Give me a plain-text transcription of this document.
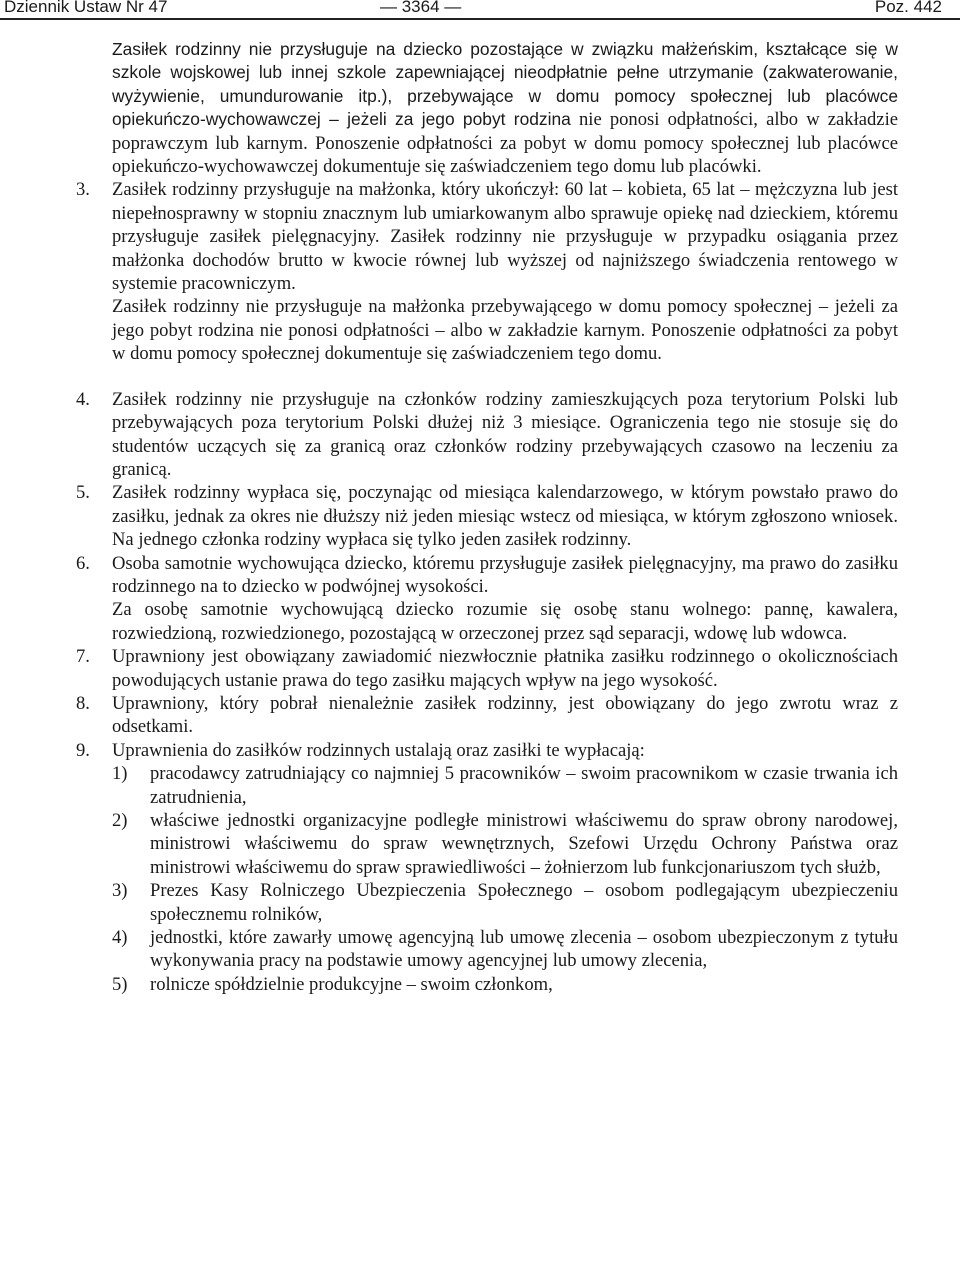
Dziennik Ustaw Nr 47	— 3364 —	Poz. 442

Zasiłek rodzinny nie przysługuje na dziecko pozostające w związku małżeńskim, kształcące się w szkole wojskowej lub innej szkole zapewniającej nieodpłatnie pełne utrzymanie (zakwaterowanie, wyżywienie, umundurowanie itp.), przebywające w domu pomocy społecznej lub placówce opiekuńczo-wychowawczej – jeżeli za jego pobyt rodzina nie ponosi odpłatności, albo w zakładzie poprawczym lub karnym. Ponoszenie odpłatności za pobyt w domu pomocy społecznej lub placówce opiekuńczo-wychowawczej dokumentuje się zaświadczeniem tego domu lub placówki.

3. Zasiłek rodzinny przysługuje na małżonka, który ukończył: 60 lat – kobieta, 65 lat – mężczyzna lub jest niepełnosprawny w stopniu znacznym lub umiarkowanym albo sprawuje opiekę nad dzieckiem, któremu przysługuje zasiłek pielęgnacyjny. Zasiłek rodzinny nie przysługuje w przypadku osiągania przez małżonka dochodów brutto w kwocie równej lub wyższej od najniższego świadczenia rentowego w systemie pracowniczym.

Zasiłek rodzinny nie przysługuje na małżonka przebywającego w domu pomocy społecznej – jeżeli za jego pobyt rodzina nie ponosi odpłatności – albo w zakładzie karnym. Ponoszenie odpłatności za pobyt w domu pomocy społecznej dokumentuje się zaświadczeniem tego domu.

4. Zasiłek rodzinny nie przysługuje na członków rodziny zamieszkujących poza terytorium Polski lub przebywających poza terytorium Polski dłużej niż 3 miesiące. Ograniczenia tego nie stosuje się do studentów uczących się za granicą oraz członków rodziny przebywających czasowo na leczeniu za granicą.

5. Zasiłek rodzinny wypłaca się, poczynając od miesiąca kalendarzowego, w którym powstało prawo do zasiłku, jednak za okres nie dłuższy niż jeden miesiąc wstecz od miesiąca, w którym zgłoszono wniosek. Na jednego członka rodziny wypłaca się tylko jeden zasiłek rodzinny.

6. Osoba samotnie wychowująca dziecko, któremu przysługuje zasiłek pielęgnacyjny, ma prawo do zasiłku rodzinnego na to dziecko w podwójnej wysokości.

Za osobę samotnie wychowującą dziecko rozumie się osobę stanu wolnego: pannę, kawalera, rozwiedzioną, rozwiedzionego, pozostającą w orzeczonej przez sąd separacji, wdowę lub wdowca.

7. Uprawniony jest obowiązany zawiadomić niezwłocznie płatnika zasiłku rodzinnego o okolicznościach powodujących ustanie prawa do tego zasiłku mających wpływ na jego wysokość.

8. Uprawniony, który pobrał nienależnie zasiłek rodzinny, jest obowiązany do jego zwrotu wraz z odsetkami.

9. Uprawnienia do zasiłków rodzinnych ustalają oraz zasiłki te wypłacają:

1) pracodawcy zatrudniający co najmniej 5 pracowników – swoim pracownikom w czasie trwania ich zatrudnienia,

2) właściwe jednostki organizacyjne podległe ministrowi właściwemu do spraw obrony narodowej, ministrowi właściwemu do spraw wewnętrznych, Szefowi Urzędu Ochrony Państwa oraz ministrowi właściwemu do spraw sprawiedliwości – żołnierzom lub funkcjonariuszom tych służb,

3) Prezes Kasy Rolniczego Ubezpieczenia Społecznego – osobom podlegającym ubezpieczeniu społecznemu rolników,

4) jednostki, które zawarły umowę agencyjną lub umowę zlecenia – osobom ubezpieczonym z tytułu wykonywania pracy na podstawie umowy agencyjnej lub umowy zlecenia,

5) rolnicze spółdzielnie produkcyjne – swoim członkom,
